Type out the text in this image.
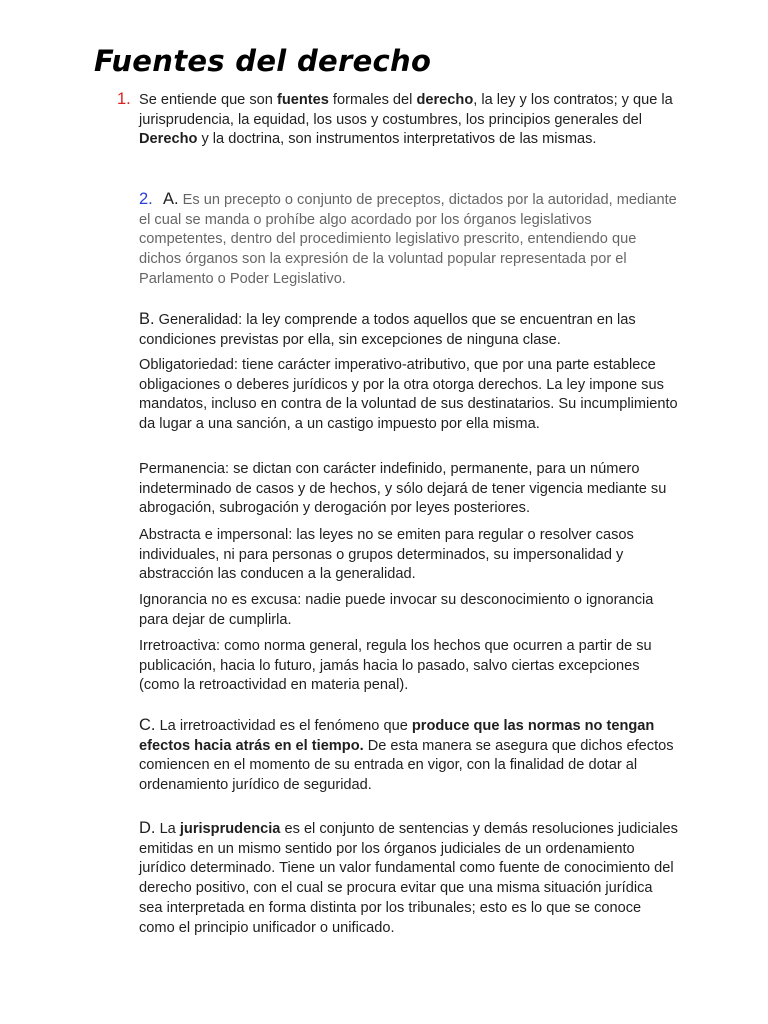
Fuentes del derecho
1. Se entiende que son fuentes formales del derecho, la ley y los contratos; y que la jurisprudencia, la equidad, los usos y costumbres, los principios generales del Derecho y la doctrina, son instrumentos interpretativos de las mismas.

2. A. Es un precepto o conjunto de preceptos, dictados por la autoridad, mediante el cual se manda o prohíbe algo acordado por los órganos legislativos competentes, dentro del procedimiento legislativo prescrito, entendiendo que dichos órganos son la expresión de la voluntad popular representada por el Parlamento o Poder Legislativo.

B. Generalidad: la ley comprende a todos aquellos que se encuentran en las condiciones previstas por ella, sin excepciones de ninguna clase.

Obligatoriedad: tiene carácter imperativo-atributivo, que por una parte establece obligaciones o deberes jurídicos y por la otra otorga derechos. La ley impone sus mandatos, incluso en contra de la voluntad de sus destinatarios. Su incumplimiento da lugar a una sanción, a un castigo impuesto por ella misma.

Permanencia: se dictan con carácter indefinido, permanente, para un número indeterminado de casos y de hechos, y sólo dejará de tener vigencia mediante su abrogación, subrogación y derogación por leyes posteriores.

Abstracta e impersonal: las leyes no se emiten para regular o resolver casos individuales, ni para personas o grupos determinados, su impersonalidad y abstracción las conducen a la generalidad.

Ignorancia no es excusa: nadie puede invocar su desconocimiento o ignorancia para dejar de cumplirla.

Irretroactiva: como norma general, regula los hechos que ocurren a partir de su publicación, hacia lo futuro, jamás hacia lo pasado, salvo ciertas excepciones (como la retroactividad en materia penal).

C. La irretroactividad es el fenómeno que produce que las normas no tengan efectos hacia atrás en el tiempo. De esta manera se asegura que dichos efectos comiencen en el momento de su entrada en vigor, con la finalidad de dotar al ordenamiento jurídico de seguridad.

D. La jurisprudencia es el conjunto de sentencias y demás resoluciones judiciales emitidas en un mismo sentido por los órganos judiciales de un ordenamiento jurídico determinado. Tiene un valor fundamental como fuente de conocimiento del derecho positivo, con el cual se procura evitar que una misma situación jurídica sea interpretada en forma distinta por los tribunales; esto es lo que se conoce como el principio unificador o unificado.
